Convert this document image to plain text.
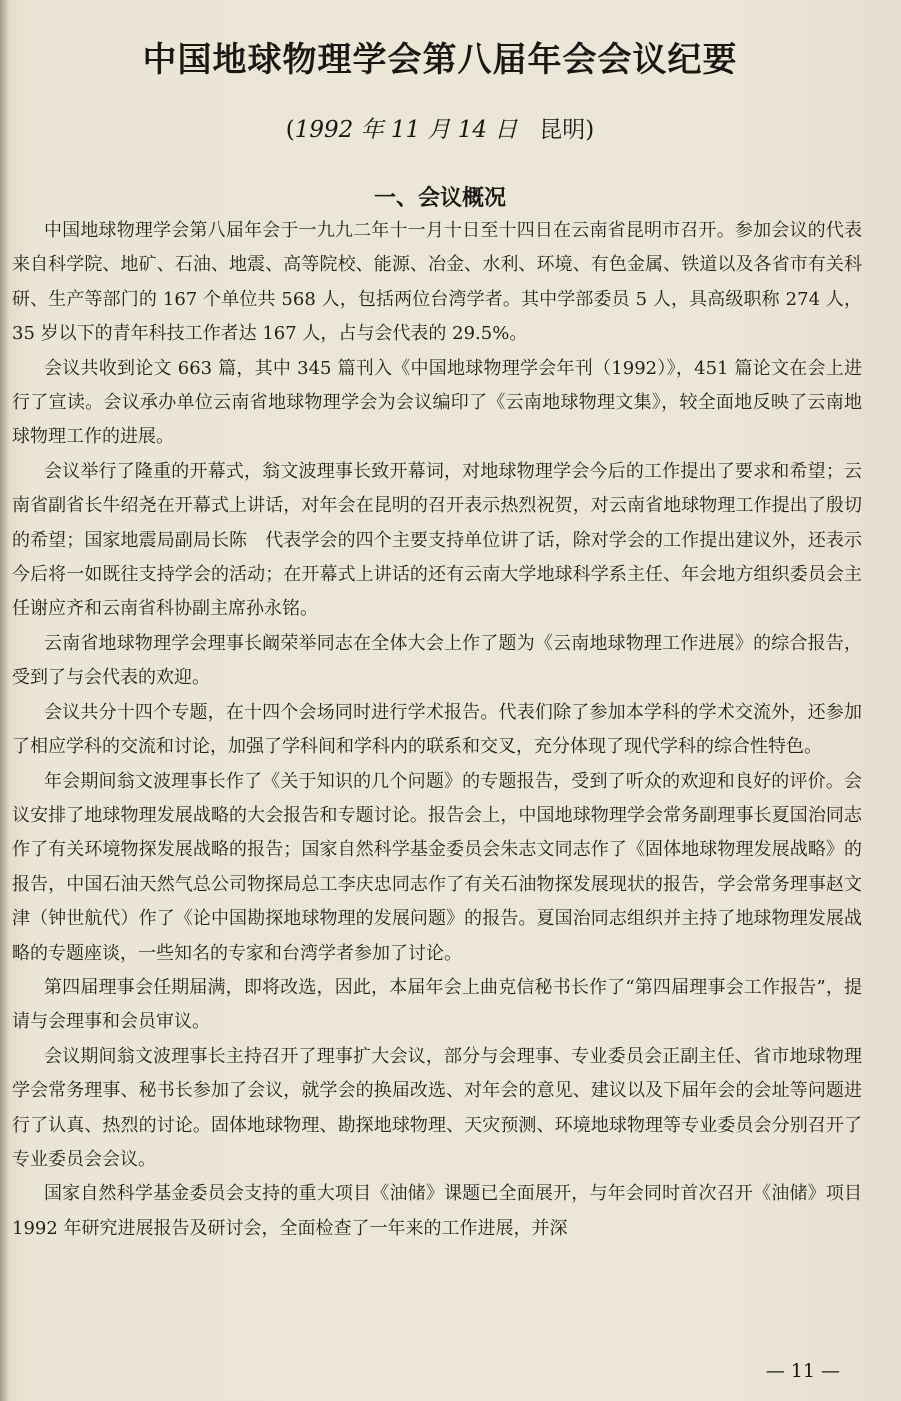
中国地球物理学会第八届年会会议纪要
(1992 年 11 月 14 日 昆明)
一、会议概况

中国地球物理学会第八届年会于一九九二年十一月十日至十四日在云南省昆明市召开。参加会议的代表来自科学院、地矿、石油、地震、高等院校、能源、冶金、水利、环境、有色金属、铁道以及各省市有关科研、生产等部门的 167 个单位共 568 人，包括两位台湾学者。其中学部委员 5 人，具高级职称 274 人，35 岁以下的青年科技工作者达 167 人，占与会代表的 29.5%。

会议共收到论文 663 篇，其中 345 篇刊入《中国地球物理学会年刊（1992）》，451 篇论文在会上进行了宣读。会议承办单位云南省地球物理学会为会议编印了《云南地球物理文集》，较全面地反映了云南地球物理工作的进展。

会议举行了隆重的开幕式，翁文波理事长致开幕词，对地球物理学会今后的工作提出了要求和希望；云南省副省长牛绍尧在开幕式上讲话，对年会在昆明的召开表示热烈祝贺，对云南省地球物理工作提出了殷切的希望；国家地震局副局长陈　代表学会的四个主要支持单位讲了话，除对学会的工作提出建议外，还表示今后将一如既往支持学会的活动；在开幕式上讲话的还有云南大学地球科学系主任、年会地方组织委员会主任谢应齐和云南省科协副主席孙永铭。

云南省地球物理学会理事长阚荣举同志在全体大会上作了题为《云南地球物理工作进展》的综合报告，受到了与会代表的欢迎。

会议共分十四个专题，在十四个会场同时进行学术报告。代表们除了参加本学科的学术交流外，还参加了相应学科的交流和讨论，加强了学科间和学科内的联系和交叉，充分体现了现代学科的综合性特色。

年会期间翁文波理事长作了《关于知识的几个问题》的专题报告，受到了听众的欢迎和良好的评价。会议安排了地球物理发展战略的大会报告和专题讨论。报告会上，中国地球物理学会常务副理事长夏国治同志作了有关环境物探发展战略的报告；国家自然科学基金委员会朱志文同志作了《固体地球物理发展战略》的报告，中国石油天然气总公司物探局总工李庆忠同志作了有关石油物探发展现状的报告，学会常务理事赵文津（钟世航代）作了《论中国勘探地球物理的发展问题》的报告。夏国治同志组织并主持了地球物理发展战略的专题座谈，一些知名的专家和台湾学者参加了讨论。

第四届理事会任期届满，即将改选，因此，本届年会上曲克信秘书长作了“第四届理事会工作报告”，提请与会理事和会员审议。

会议期间翁文波理事长主持召开了理事扩大会议，部分与会理事、专业委员会正副主任、省市地球物理学会常务理事、秘书长参加了会议，就学会的换届改选、对年会的意见、建议以及下届年会的会址等问题进行了认真、热烈的讨论。固体地球物理、勘探地球物理、天灾预测、环境地球物理等专业委员会分别召开了专业委员会会议。

国家自然科学基金委员会支持的重大项目《油储》课题已全面展开，与年会同时首次召开《油储》项目 1992 年研究进展报告及研讨会，全面检查了一年来的工作进展，并深

— 11 —
